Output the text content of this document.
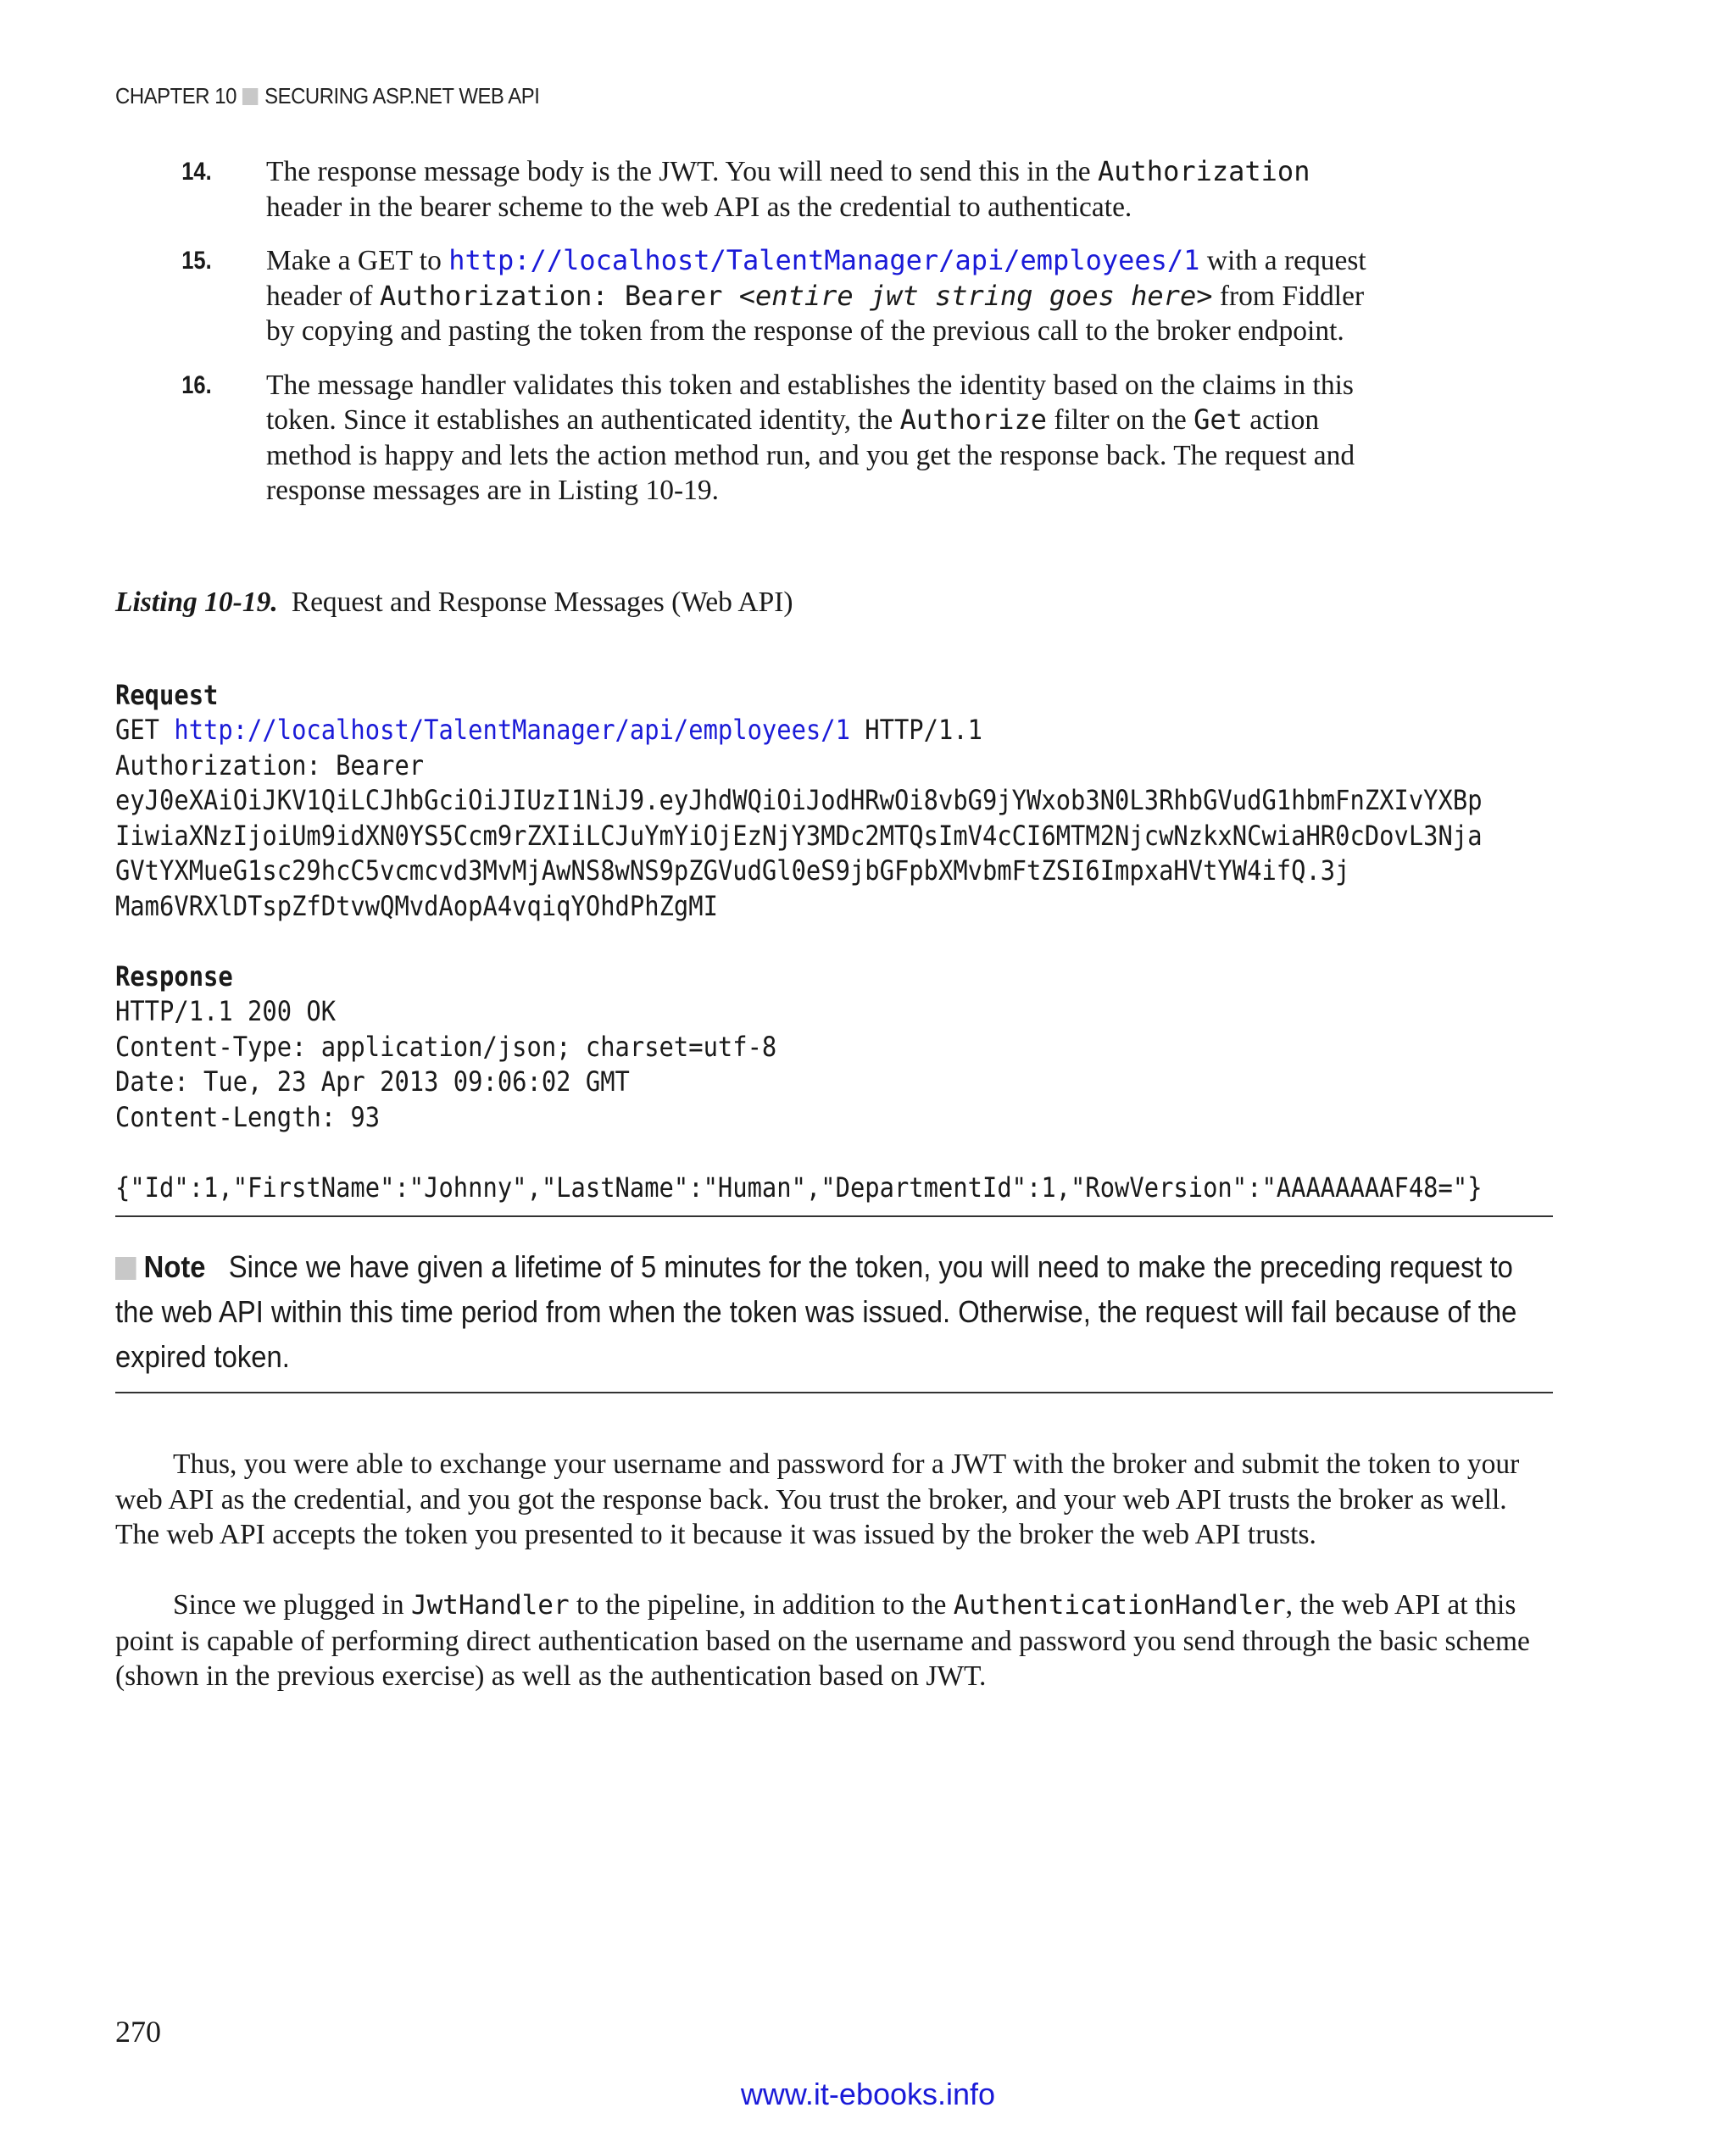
CHAPTER 10 SECURING ASP.NET WEB API
14.	The response message body is the JWT. You will need to send this in the Authorization header in the bearer scheme to the web API as the credential to authenticate.
15.	Make a GET to http://localhost/TalentManager/api/employees/1 with a request header of Authorization: Bearer <entire jwt string goes here> from Fiddler by copying and pasting the token from the response of the previous call to the broker endpoint.
16.	The message handler validates this token and establishes the identity based on the claims in this token. Since it establishes an authenticated identity, the Authorize filter on the Get action method is happy and lets the action method run, and you get the response back. The request and response messages are in Listing 10-19.
Listing 10-19. Request and Response Messages (Web API)

Request
GET http://localhost/TalentManager/api/employees/1 HTTP/1.1
Authorization: Bearer
eyJ0eXAiOiJKV1QiLCJhbGciOiJIUzI1NiJ9.eyJhdWQiOiJodHRwOi8vbG9jYWxob3N0L3RhbGVudG1hbmFnZXIvYXBp
IiwiaXNzIjoiUm9idXN0YS5Ccm9rZXIiLCJuYmYiOjEzNjY3MDc2MTQsImV4cCI6MTM2NjcwNzkxNCwiaHR0cDovL3Nja
GVtYXMueG1sc29hcC5vcmcvd3MvMjAwNS8wNS9pZGVudGl0eS9jbGFpbXMvbmFtZSI6ImpxaHVtYW4ifQ.3j
Mam6VRXlDTspZfDtvwQMvdAopA4vqiqYOhdPhZgMI
Response
HTTP/1.1 200 OK
Content-Type: application/json; charset=utf-8
Date: Tue, 23 Apr 2013 09:06:02 GMT
Content-Length: 93
{"Id":1,"FirstName":"Johnny","LastName":"Human","DepartmentId":1,"RowVersion":"AAAAAAAAF48="}

Note Since we have given a lifetime of 5 minutes for the token, you will need to make the preceding request to the web API within this time period from when the token was issued. Otherwise, the request will fail because of the expired token.

Thus, you were able to exchange your username and password for a JWT with the broker and submit the token to your web API as the credential, and you got the response back. You trust the broker, and your web API trusts the broker as well. The web API accepts the token you presented to it because it was issued by the broker the web API trusts.

Since we plugged in JwtHandler to the pipeline, in addition to the AuthenticationHandler, the web API at this point is capable of performing direct authentication based on the username and password you send through the basic scheme (shown in the previous exercise) as well as the authentication based on JWT.

270
www.it-ebooks.info
